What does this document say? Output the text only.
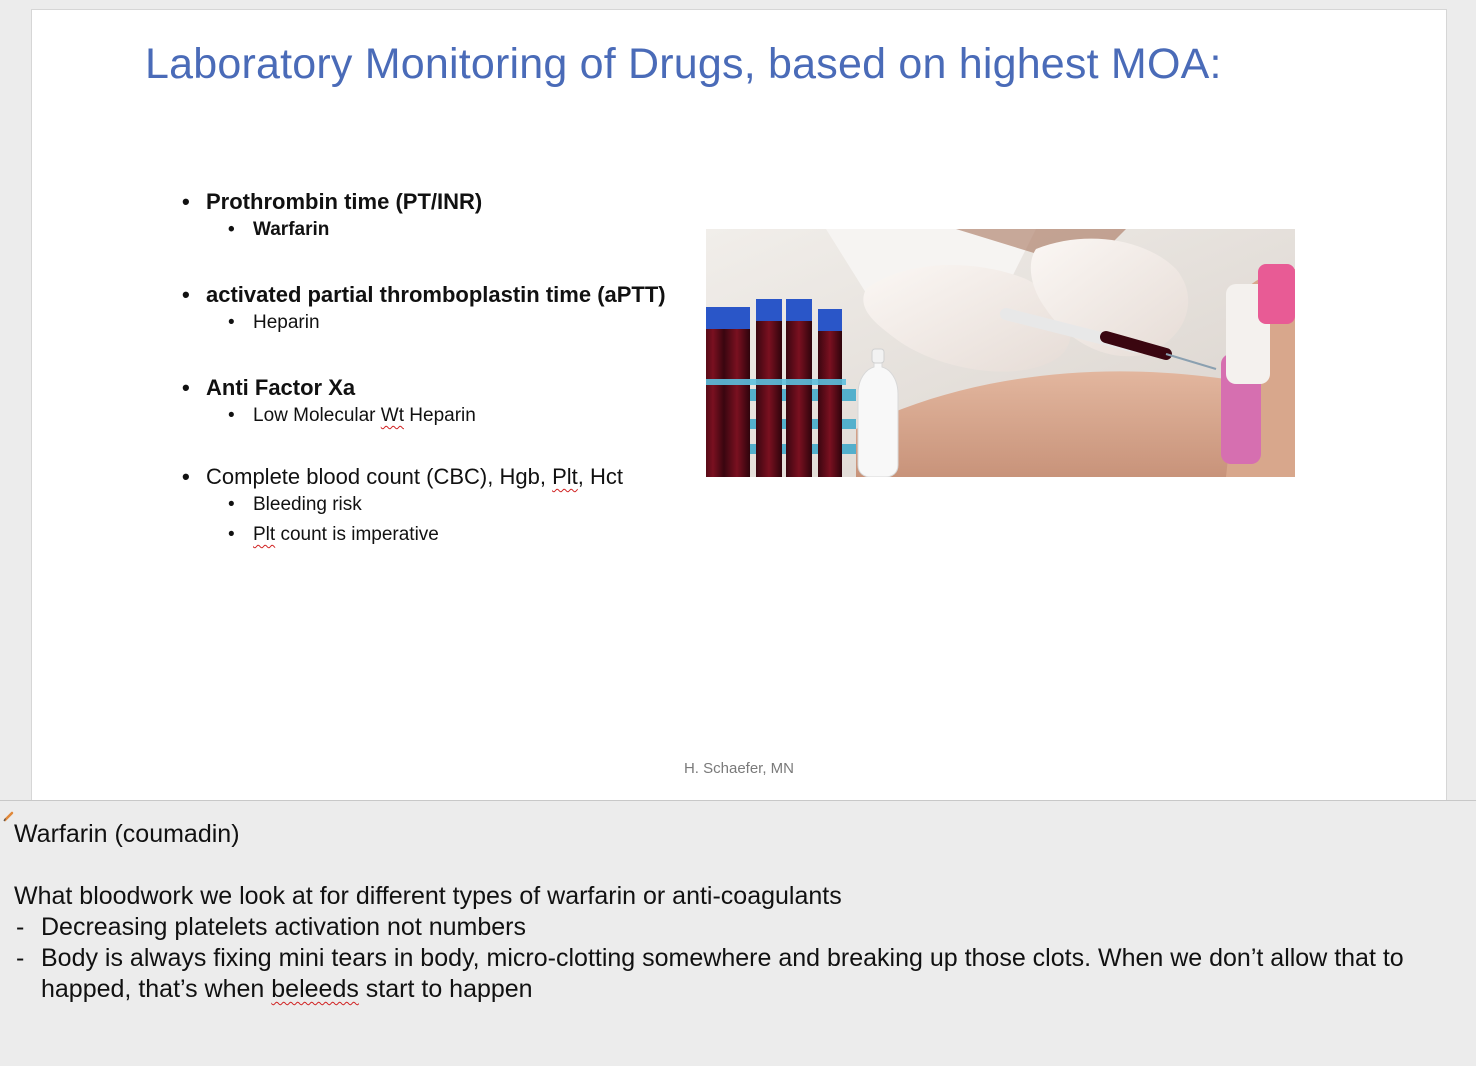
Laboratory Monitoring of Drugs, based on highest MOA:

• Prothrombin time (PT/INR)

• Warfarin

• activated partial thromboplastin time (aPTT)

• Heparin

• Anti Factor Xa

• Low Molecular Wt Heparin

• Complete blood count (CBC), Hgb, Plt, Hct

• Bleeding risk

• Plt count is imperative

H. Schaefer, MN

Warfarin (coumadin)

What bloodwork we look at for different types of warfarin or anti-coagulants

- Decreasing platelets activation not numbers

- Body is always fixing mini tears in body, micro-clotting somewhere and breaking up those clots. When we don’t allow that to

happed, that’s when beleeds start to happen
